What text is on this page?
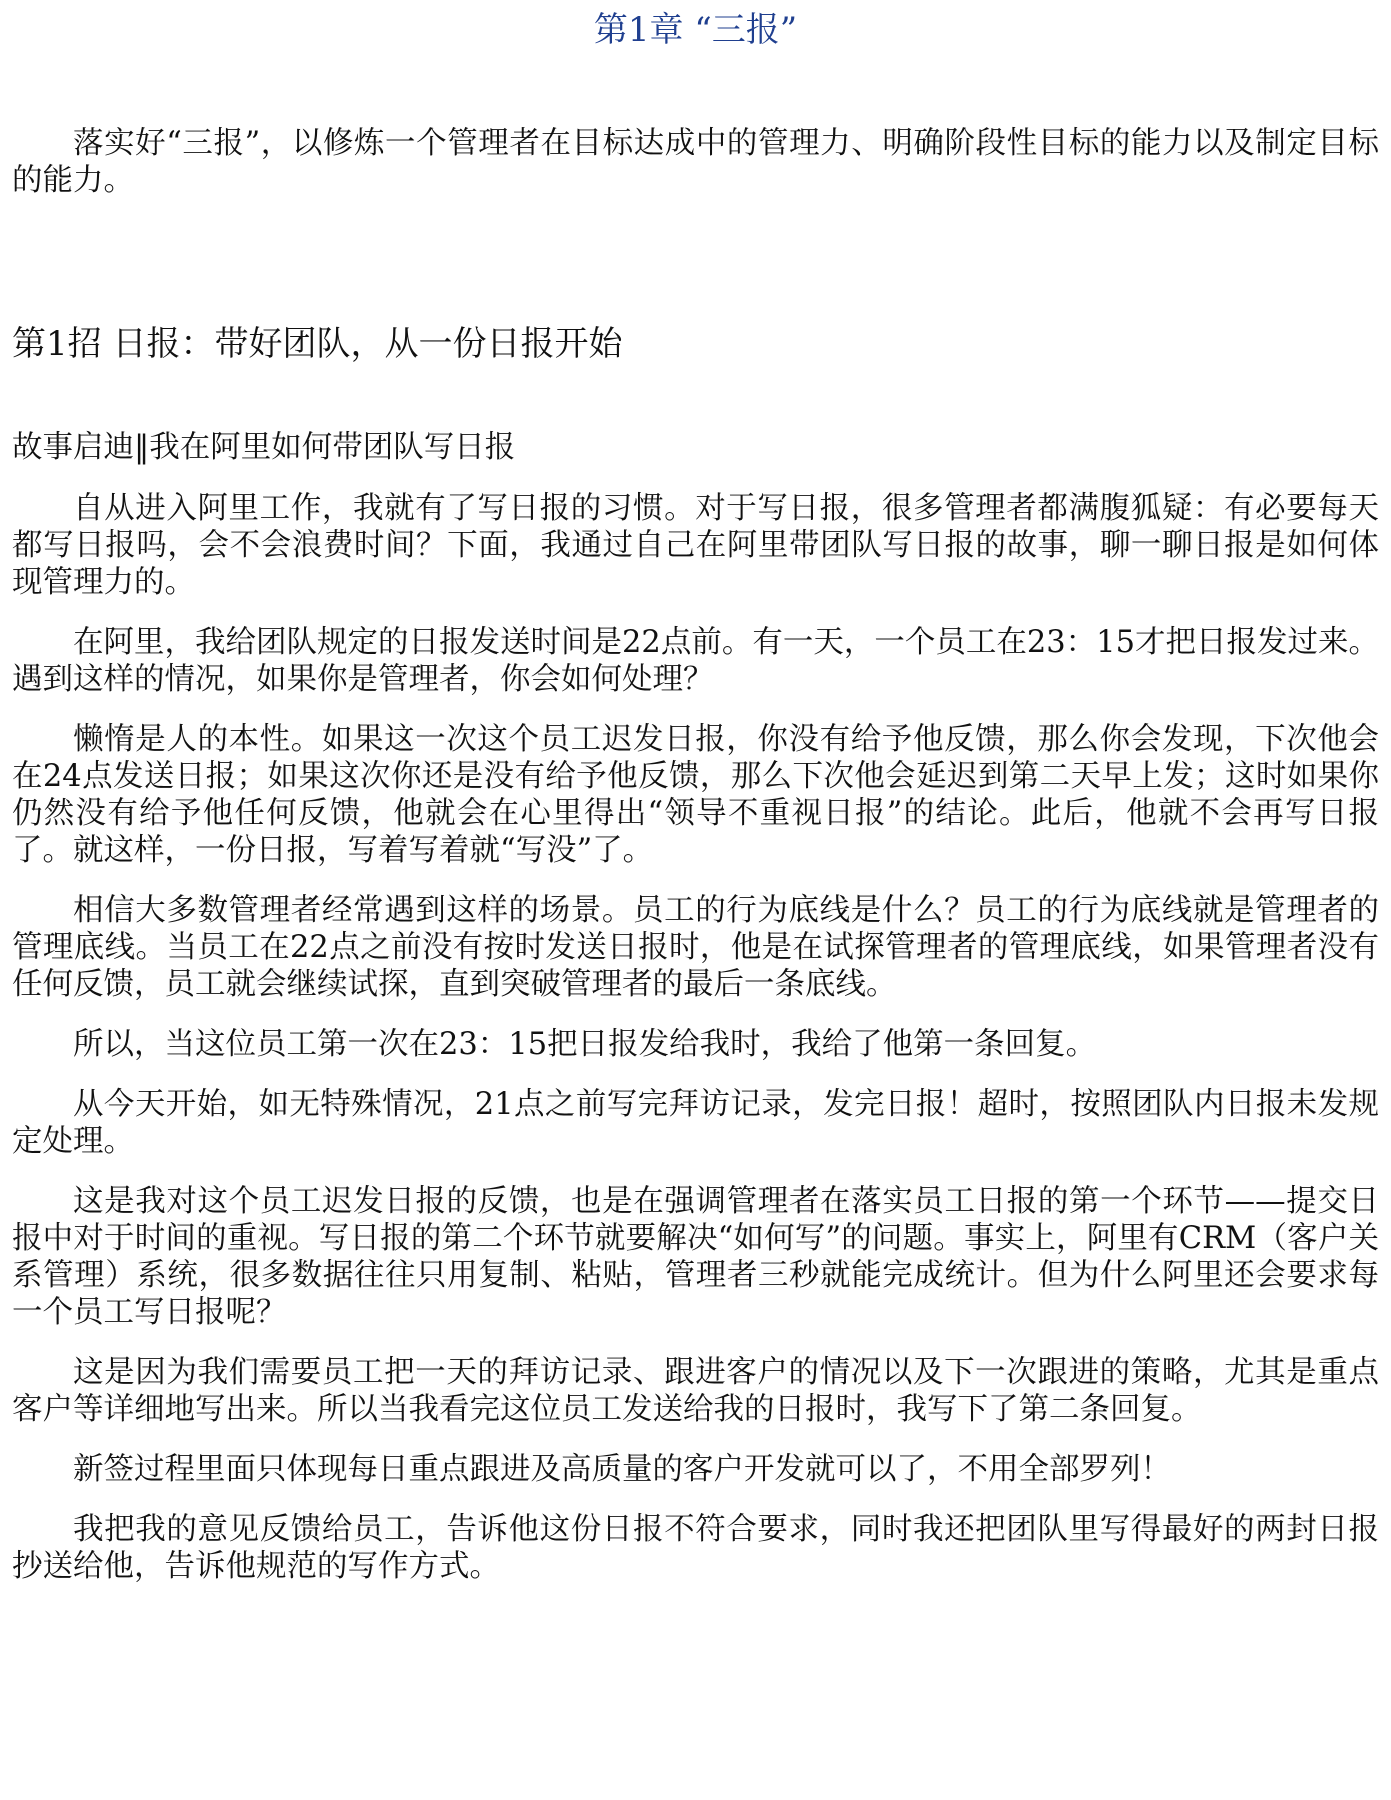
第1章 “三报”

落实好“三报”，以修炼一个管理者在目标达成中的管理力、明确阶段性目标的能力以及制定目标的能力。

第1招 日报：带好团队，从一份日报开始
故事启迪‖我在阿里如何带团队写日报

自从进入阿里工作，我就有了写日报的习惯。对于写日报，很多管理者都满腹狐疑：有必要每天都写日报吗，会不会浪费时间？下面，我通过自己在阿里带团队写日报的故事，聊一聊日报是如何体现管理力的。

在阿里，我给团队规定的日报发送时间是22点前。有一天，一个员工在23：15才把日报发过来。遇到这样的情况，如果你是管理者，你会如何处理？

懒惰是人的本性。如果这一次这个员工迟发日报，你没有给予他反馈，那么你会发现，下次他会在24点发送日报；如果这次你还是没有给予他反馈，那么下次他会延迟到第二天早上发；这时如果你仍然没有给予他任何反馈，他就会在心里得出“领导不重视日报”的结论。此后，他就不会再写日报了。就这样，一份日报，写着写着就“写没”了。

相信大多数管理者经常遇到这样的场景。员工的行为底线是什么？员工的行为底线就是管理者的管理底线。当员工在22点之前没有按时发送日报时，他是在试探管理者的管理底线，如果管理者没有任何反馈，员工就会继续试探，直到突破管理者的最后一条底线。

所以，当这位员工第一次在23：15把日报发给我时，我给了他第一条回复。

从今天开始，如无特殊情况，21点之前写完拜访记录，发完日报！超时，按照团队内日报未发规定处理。

这是我对这个员工迟发日报的反馈，也是在强调管理者在落实员工日报的第一个环节——提交日报中对于时间的重视。写日报的第二个环节就要解决“如何写”的问题。事实上，阿里有CRM（客户关系管理）系统，很多数据往往只用复制、粘贴，管理者三秒就能完成统计。但为什么阿里还会要求每一个员工写日报呢？

这是因为我们需要员工把一天的拜访记录、跟进客户的情况以及下一次跟进的策略，尤其是重点客户等详细地写出来。所以当我看完这位员工发送给我的日报时，我写下了第二条回复。

新签过程里面只体现每日重点跟进及高质量的客户开发就可以了，不用全部罗列！

我把我的意见反馈给员工，告诉他这份日报不符合要求，同时我还把团队里写得最好的两封日报抄送给他，告诉他规范的写作方式。
